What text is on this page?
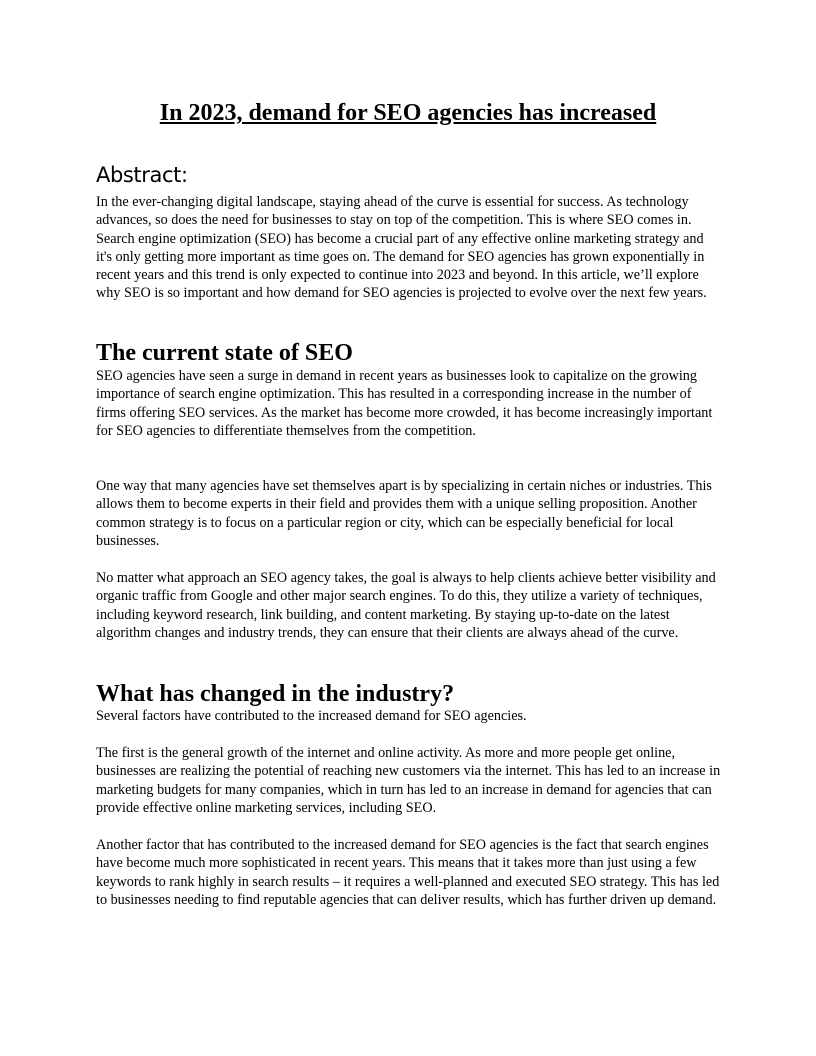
In 2023, demand for SEO agencies has increased
Abstract:

In the ever-changing digital landscape, staying ahead of the curve is essential for success. As technology advances, so does the need for businesses to stay on top of the competition. This is where SEO comes in. Search engine optimization (SEO) has become a crucial part of any effective online marketing strategy and it's only getting more important as time goes on. The demand for SEO agencies has grown exponentially in recent years and this trend is only expected to continue into 2023 and beyond. In this article, we’ll explore why SEO is so important and how demand for SEO agencies is projected to evolve over the next few years.

The current state of SEO

SEO agencies have seen a surge in demand in recent years as businesses look to capitalize on the growing importance of search engine optimization. This has resulted in a corresponding increase in the number of firms offering SEO services. As the market has become more crowded, it has become increasingly important for SEO agencies to differentiate themselves from the competition.

One way that many agencies have set themselves apart is by specializing in certain niches or industries. This allows them to become experts in their field and provides them with a unique selling proposition. Another common strategy is to focus on a particular region or city, which can be especially beneficial for local businesses.

No matter what approach an SEO agency takes, the goal is always to help clients achieve better visibility and organic traffic from Google and other major search engines. To do this, they utilize a variety of techniques, including keyword research, link building, and content marketing. By staying up-to-date on the latest algorithm changes and industry trends, they can ensure that their clients are always ahead of the curve.

What has changed in the industry?

Several factors have contributed to the increased demand for SEO agencies.

The first is the general growth of the internet and online activity. As more and more people get online, businesses are realizing the potential of reaching new customers via the internet. This has led to an increase in marketing budgets for many companies, which in turn has led to an increase in demand for agencies that can provide effective online marketing services, including SEO.

Another factor that has contributed to the increased demand for SEO agencies is the fact that search engines have become much more sophisticated in recent years. This means that it takes more than just using a few keywords to rank highly in search results – it requires a well-planned and executed SEO strategy. This has led to businesses needing to find reputable agencies that can deliver results, which has further driven up demand.
